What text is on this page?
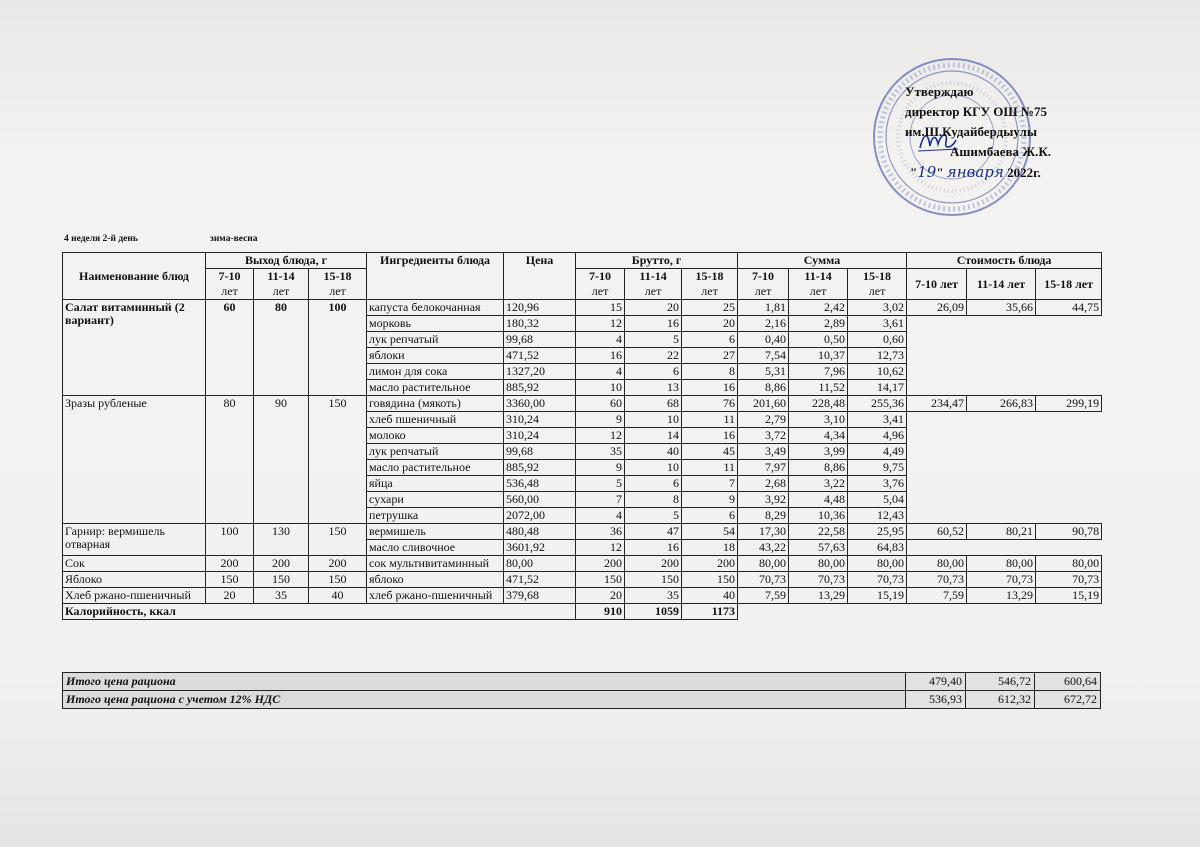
Утверждаю
директор КГУ ОШ №75
им.Ш.Кудайбердыулы
Ашимбаева Ж.К.
"19" января 2022г.
4 неделя 2-й день	зима-весна
Наименование блюд	Выход блюда, г			Ингредиенты блюда	Цена	Брутто, г			Сумма			Стоимость блюда		
	7-10	11-14	15-18			7-10	11-14	15-18	7-10	11-14	15-18	7-10 лет	11-14 лет	15-18 лет
	лет	лет	лет			лет	лет	лет	лет	лет	лет			
Салат витаминный (2 вариант)	60	80	100	капуста белокочанная	120,96	15	20	25	1,81	2,42	3,02	26,09	35,66	44,75
				морковь	180,32	12	16	20	2,16	2,89	3,61			
				лук репчатый	99,68	4	5	6	0,40	0,50	0,60			
				яблоки	471,52	16	22	27	7,54	10,37	12,73			
				лимон для сока	1327,20	4	6	8	5,31	7,96	10,62			
				масло растительное	885,92	10	13	16	8,86	11,52	14,17			
Зразы рубленые	80	90	150	говядина (мякоть)	3360,00	60	68	76	201,60	228,48	255,36	234,47	266,83	299,19
				хлеб пшеничный	310,24	9	10	11	2,79	3,10	3,41			
				молоко	310,24	12	14	16	3,72	4,34	4,96			
				лук репчатый	99,68	35	40	45	3,49	3,99	4,49			
				масло растительное	885,92	9	10	11	7,97	8,86	9,75			
				яйца	536,48	5	6	7	2,68	3,22	3,76			
				сухари	560,00	7	8	9	3,92	4,48	5,04			
				петрушка	2072,00	4	5	6	8,29	10,36	12,43			
Гарнир: вермишель отварная	100	130	150	вермишель	480,48	36	47	54	17,30	22,58	25,95	60,52	80,21	90,78
				масло сливочное	3601,92	12	16	18	43,22	57,63	64,83			
Сок	200	200	200	сок мультивитаминный	80,00	200	200	200	80,00	80,00	80,00	80,00	80,00	80,00
Яблоко	150	150	150	яблоко	471,52	150	150	150	70,73	70,73	70,73	70,73	70,73	70,73
Хлеб ржано-пшеничный	20	35	40	хлеб ржано-пшеничный	379,68	20	35	40	7,59	13,29	15,19	7,59	13,29	15,19
Калорийность, ккал						910	1059	1173						
Итого цена рациона	479,40	546,72	600,64
Итого цена рациона с учетом 12% НДС	536,93	612,32	672,72
